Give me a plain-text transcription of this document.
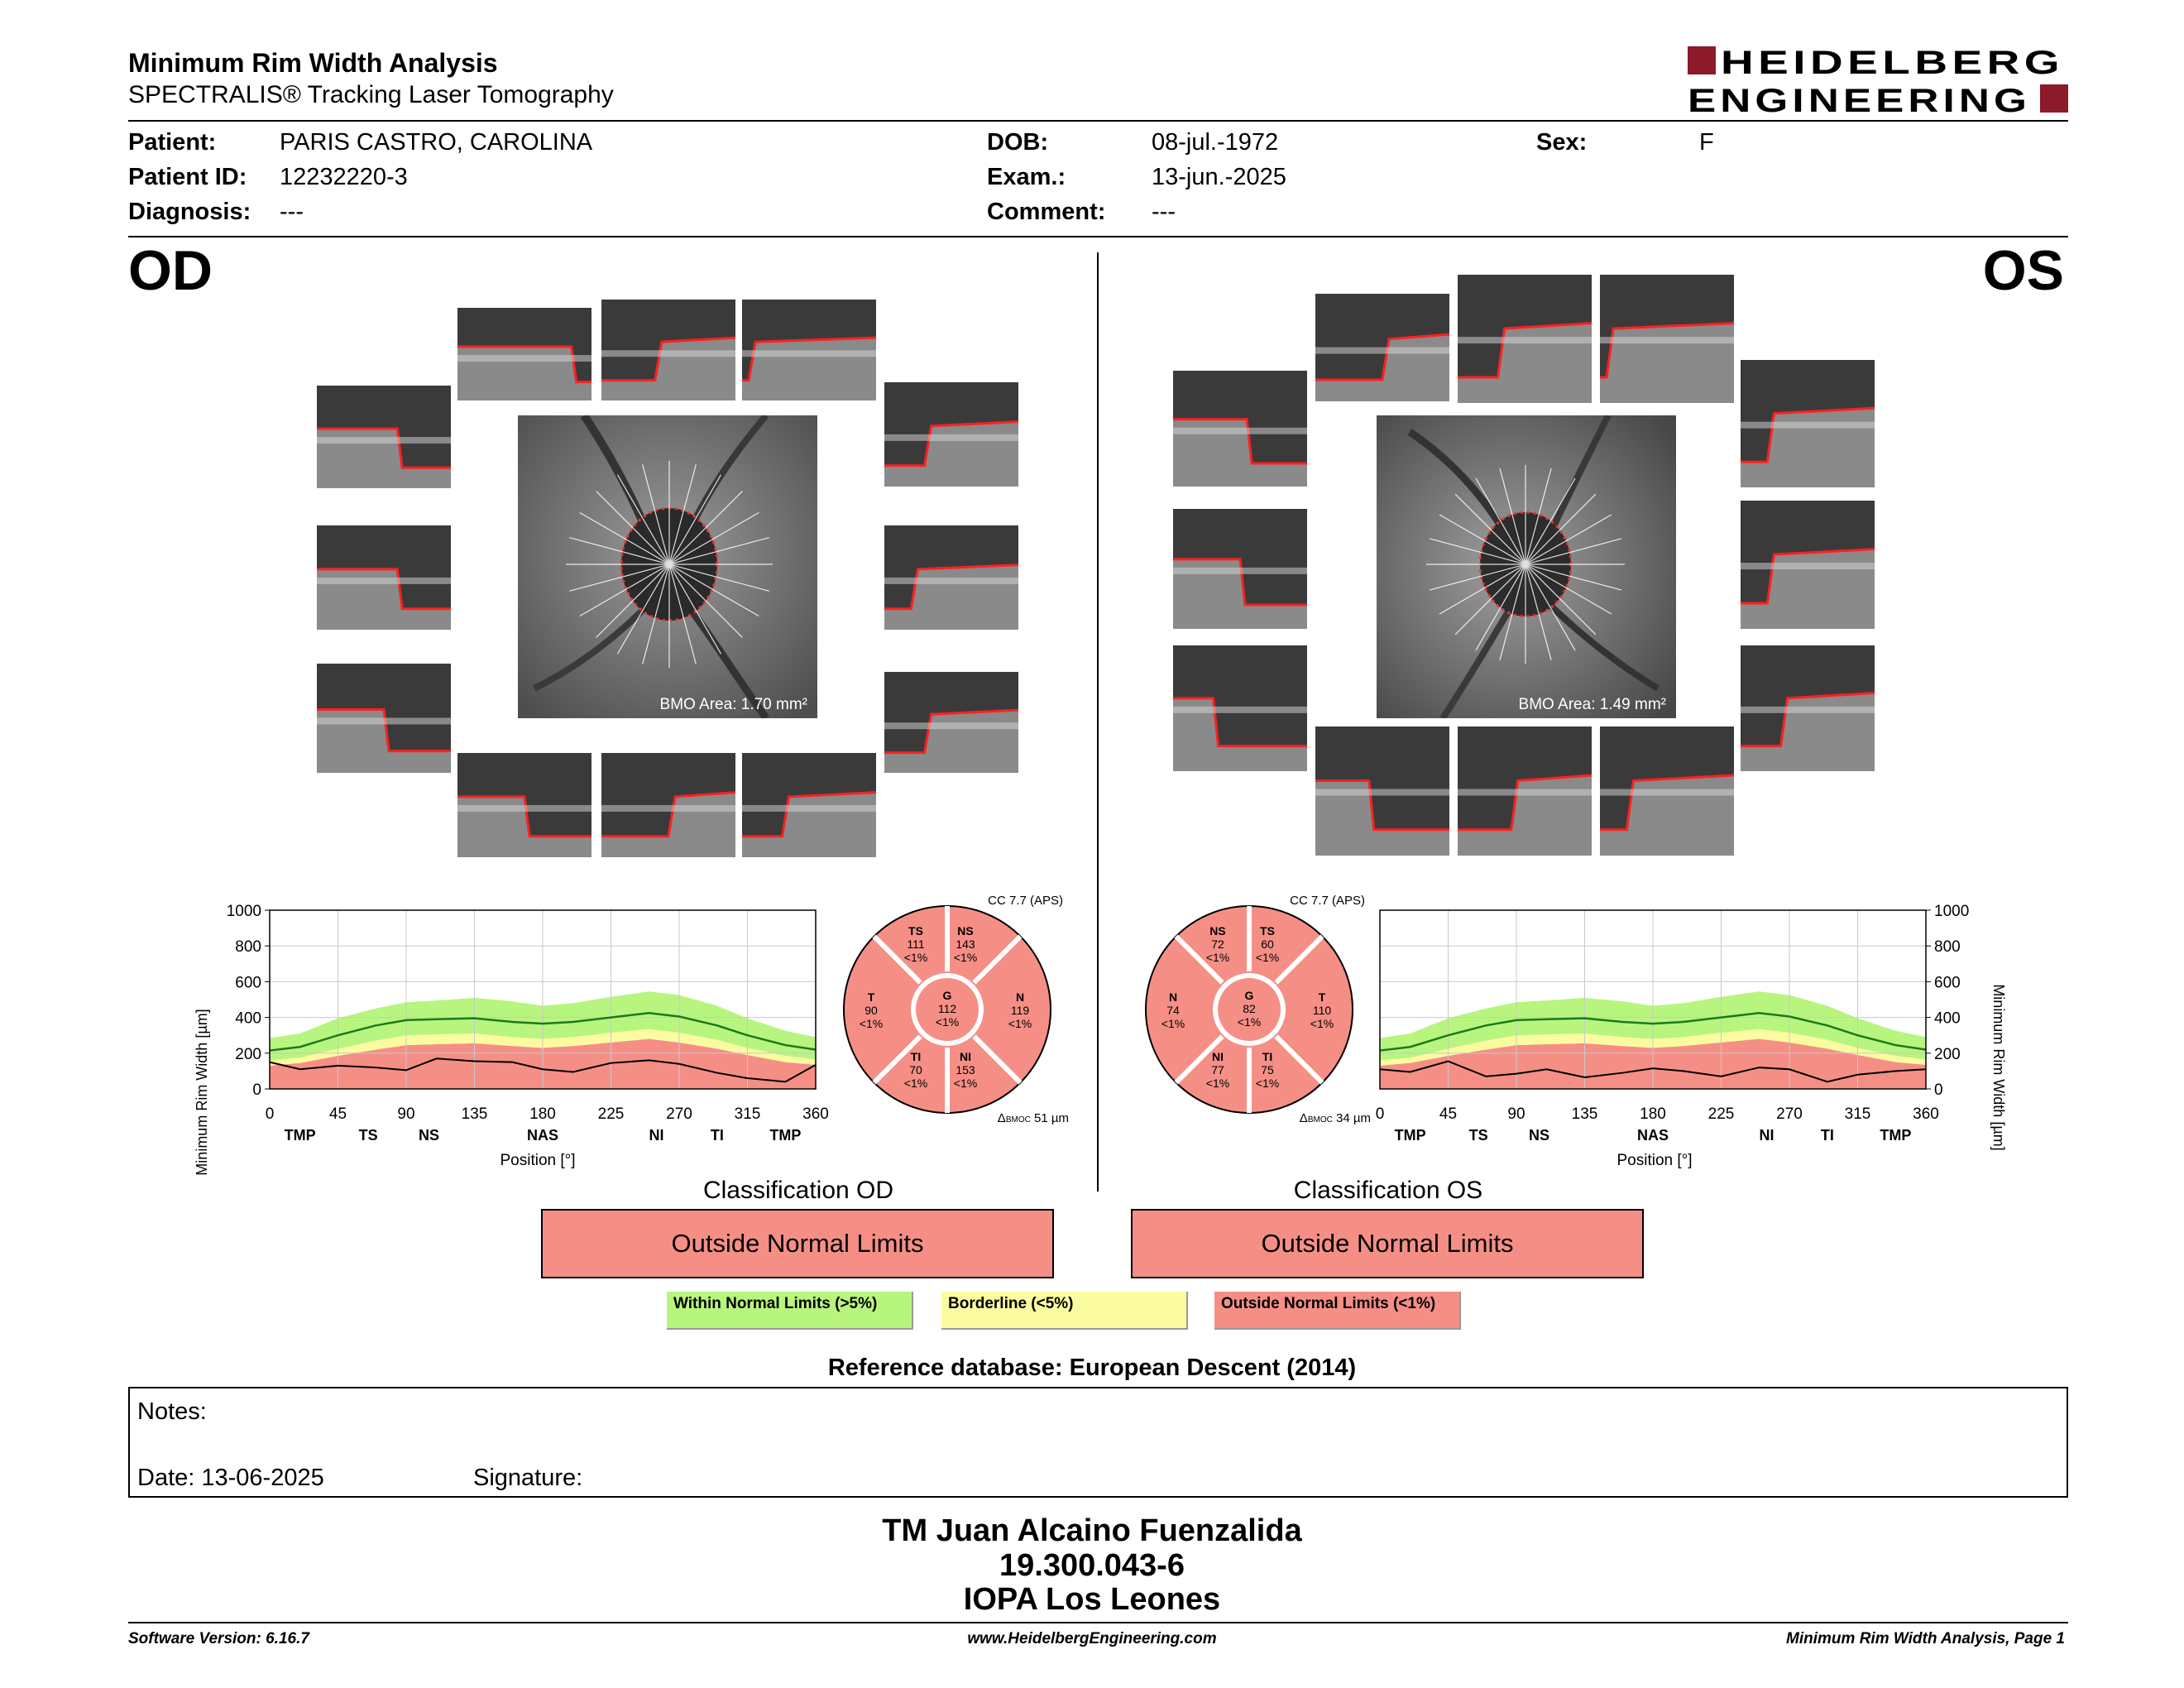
Minimum Rim Width Analysis
SPECTRALIS® Tracking Laser Tomography
HEIDELBERG
ENGINEERING
Patient:	PARIS CASTRO, CAROLINA
Patient ID: 12232220-3
Diagnosis: ---
DOB:	08-jul.-1972
Exam.:	13-jun.-2025
Comment: ---
Sex:	F
OD	OS
BMO Area: 1.70 mm²	BMO Area: 1.49 mm²
Minimum Rim Width [µm]	Position [°]
0	45	90	135	180	225	270	315	360
0
200
400
600
800
1000
TMP	TS	NS	NAS	NI	TI	TMP	Minimum Rim Width [µm]
Position [°]
0	45	90	135	180	225	270	315	360
0
200
400
600
800
1000
TMP	TS	NS	NAS	NI	TI	TMP
CC 7.7 (APS)
TS
111
<1%
NS
143
<1%
T
90
<1%
G
112
<1%
N
119
<1%
TI
70
<1%
NI
153
<1%
ΔBMOC 51 µm
CC 7.7 (APS)
NS
72
<1%
TS
60
<1%
N
74
<1%
G
82
<1%
T
110
<1%
NI
77
<1%
TI
75
<1%
ΔBMOC 34 µm
Classification OD
Outside Normal Limits
Classification OS
Outside Normal Limits
Within Normal Limits (>5%)	Borderline (<5%)	Outside Normal Limits (<1%)
Reference database: European Descent (2014)
Notes:
Date: 13-06-2025	Signature:
TM Juan Alcaino Fuenzalida
19.300.043-6
IOPA Los Leones
Software Version: 6.16.7	www.HeidelbergEngineering.com	Minimum Rim Width Analysis, Page 1
